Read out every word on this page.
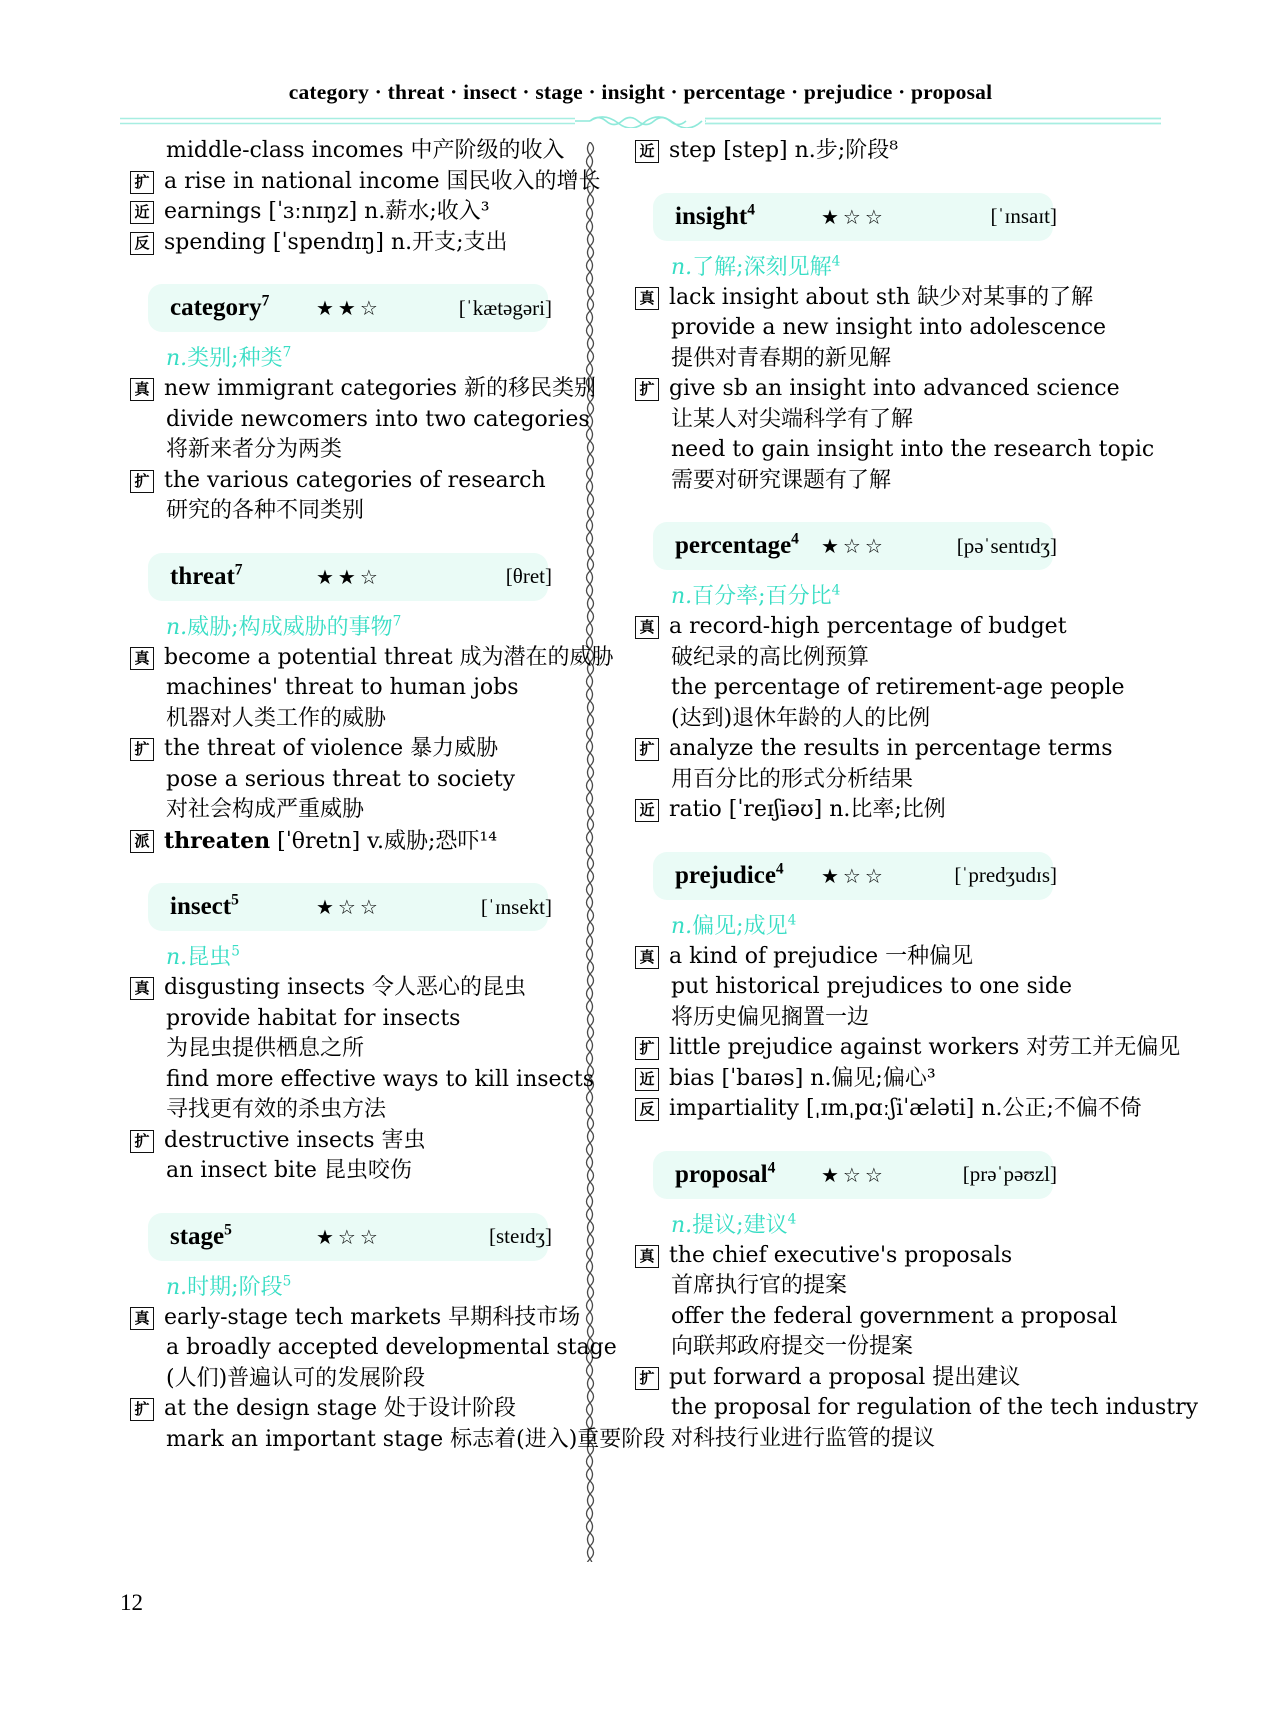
category · threat · insect · stage · insight · percentage · prejudice · proposal
middle-class incomes 中产阶级的收入
扩 a rise in national income 国民收入的增长
近 earnings [ˈɜːnɪŋz] n.薪水;收入³
反 spending [ˈspendɪŋ] n.开支;支出
category$^7$	★★☆	[ˈkætəgəri]
n.类别;种类$^7$
真 new immigrant categories 新的移民类别
divide newcomers into two categories
将新来者分为两类
扩 the various categories of research
研究的各种不同类别
threat$^7$	★★☆	[θret]
n.威胁;构成威胁的事物$^7$
真 become a potential threat 成为潜在的威胁
machines' threat to human jobs
机器对人类工作的威胁
扩 the threat of violence 暴力威胁
pose a serious threat to society
对社会构成严重威胁
派 threaten [ˈθretn] v.威胁;恐吓¹⁴
insect$^5$	★☆☆	[ˈɪnsekt]
n.昆虫$^5$
真 disgusting insects 令人恶心的昆虫
provide habitat for insects
为昆虫提供栖息之所
find more effective ways to kill insects
寻找更有效的杀虫方法
扩 destructive insects 害虫
an insect bite 昆虫咬伤
stage$^5$	★☆☆	[steɪdʒ]
n.时期;阶段$^5$
真 early-stage tech markets 早期科技市场
a broadly accepted developmental stage
(人们)普遍认可的发展阶段
扩 at the design stage 处于设计阶段
mark an important stage 标志着(进入)重要阶段
近 step [step] n.步;阶段⁸
insight$^4$	★☆☆	[ˈɪnsaɪt]
n.了解;深刻见解$^4$
真 lack insight about sth 缺少对某事的了解
provide a new insight into adolescence
提供对青春期的新见解
扩 give sb an insight into advanced science
让某人对尖端科学有了解
need to gain insight into the research topic
需要对研究课题有了解
percentage$^4$	★☆☆	[pəˈsentɪdʒ]
n.百分率;百分比$^4$
真 a record-high percentage of budget
破纪录的高比例预算
the percentage of retirement-age people
(达到)退休年龄的人的比例
扩 analyze the results in percentage terms
用百分比的形式分析结果
近 ratio [ˈreɪʃiəʊ] n.比率;比例
prejudice$^4$	★☆☆	[ˈpredʒudɪs]
n.偏见;成见$^4$
真 a kind of prejudice 一种偏见
put historical prejudices to one side
将历史偏见搁置一边
扩 little prejudice against workers 对劳工并无偏见
近 bias [ˈbaɪəs] n.偏见;偏心³
反 impartiality [ˌɪmˌpɑːʃiˈæləti] n.公正;不偏不倚
proposal$^4$	★☆☆	[prəˈpəʊzl]
n.提议;建议$^4$
真 the chief executive's proposals
首席执行官的提案
offer the federal government a proposal
向联邦政府提交一份提案
扩 put forward a proposal 提出建议
the proposal for regulation of the tech industry
对科技行业进行监管的提议
12
